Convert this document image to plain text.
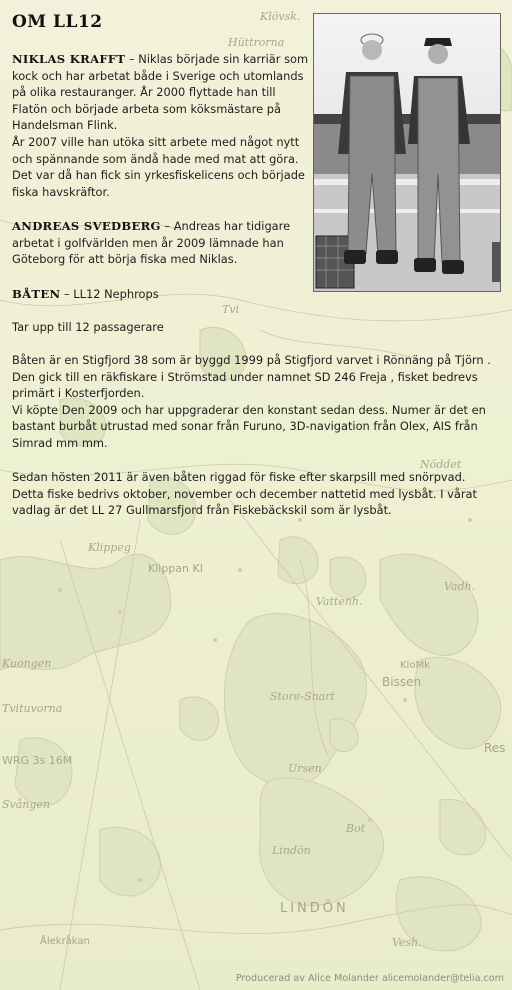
Klövsk.
Hüttrorna
Klippeg
Kuongen
Tvituvorna
Svången
Store-Snart
Ursen
Lindön
Vattenh.
Nöddet
Vesh.
Bot
Tvi
Vadh.
Klippan Kl
WRG 3s 16M
LINDÖN
Bissen
KloMk
Ålekråkan
Res
OM LL12

NIKLAS KRAFFT – Niklas började sin karriär som
kock och har arbetat både i Sverige och utomlands
på olika restauranger. År 2000 flyttade han till
Flatön och började arbeta som köksmästare på
Handelsman Flink.
År 2007 ville han utöka sitt arbete med något nytt
och spännande som ändå hade med mat att göra.
Det var då han fick sin yrkesfiskelicens och började
fiska havskräftor.

ANDREAS SVEDBERG – Andreas har tidigare
arbetat i golfvärlden men år 2009 lämnade han
Göteborg för att börja fiska med Niklas.

BÅTEN – LL12 Nephrops

Tar upp till 12 passagerare

Båten är en Stigfjord 38 som är byggd 1999 på Stigfjord varvet i Rönnäng på Tjörn .
Den gick till en räkfiskare i Strömstad under namnet SD 246 Freja , fisket bedrevs
primärt i Kosterfjorden.
Vi köpte Den 2009 och har uppgraderar den konstant sedan dess. Numer är det en
bastant burbåt utrustad med sonar från Furuno, 3D-navigation från Olex, AIS från
Simrad mm mm.

Sedan hösten 2011 är även båten riggad för fiske efter skarpsill med snörpvad.
Detta fiske bedrivs oktober, november och december nattetid med lysbåt. I vårat
vadlag är det LL 27 Gullmarsfjord från Fiskebäckskil som är lysbåt.

Producerad av Alice Molander alicemolander@telia.com
